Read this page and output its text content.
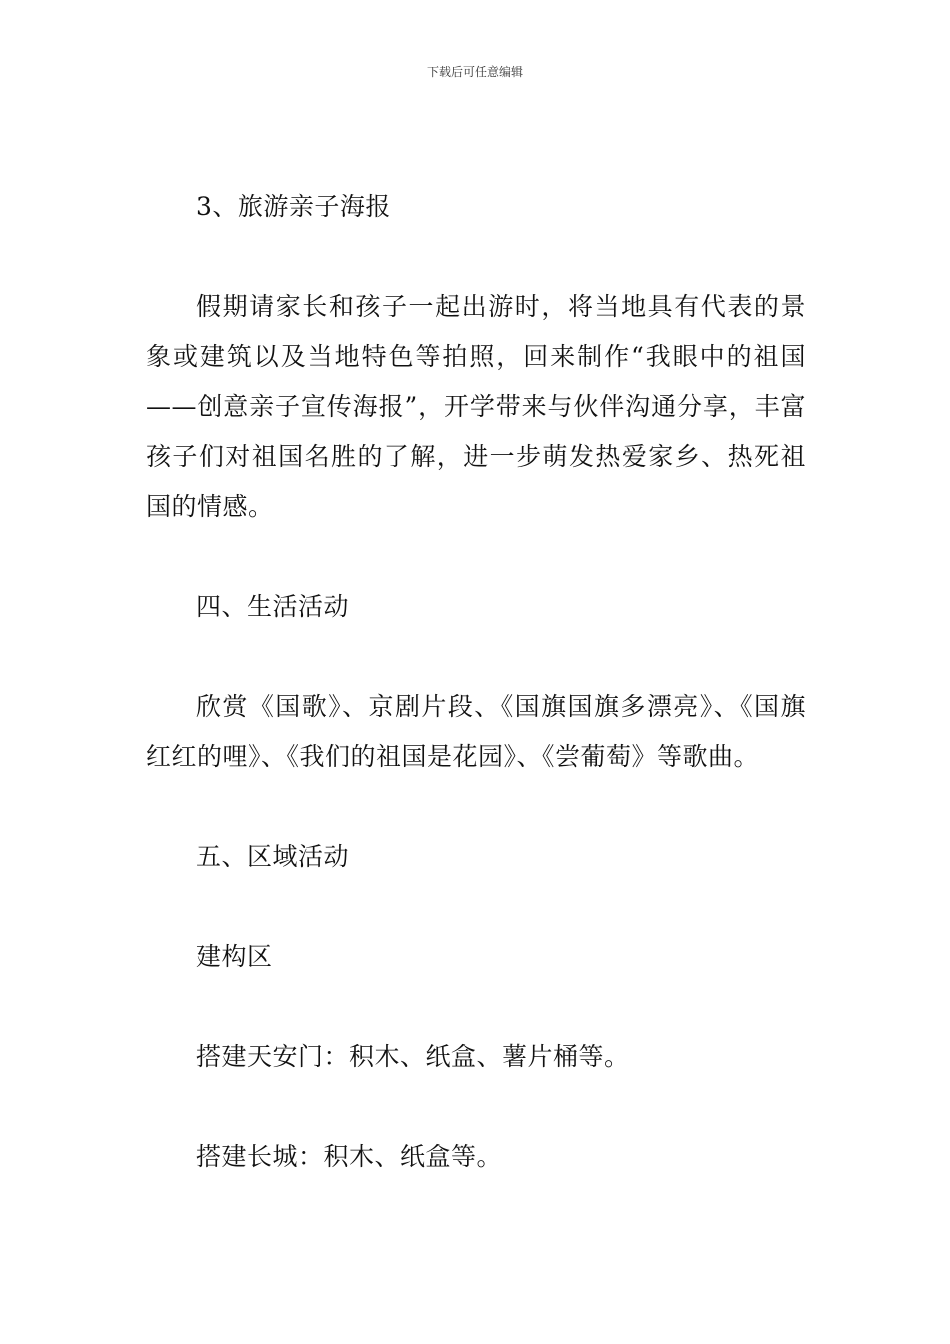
下载后可任意编辑

3、旅游亲子海报

假期请家长和孩子一起出游时，将当地具有代表的景象或建筑以及当地特色等拍照，回来制作“我眼中的祖国——创意亲子宣传海报”，开学带来与伙伴沟通分享，丰富孩子们对祖国名胜的了解，进一步萌发热爱家乡、热死祖国的情感。

四、生活活动

欣赏《国歌》、京剧片段、《国旗国旗多漂亮》、《国旗红红的哩》、《我们的祖国是花园》、《尝葡萄》等歌曲。

五、区域活动

建构区

搭建天安门：积木、纸盒、薯片桶等。

搭建长城：积木、纸盒等。
